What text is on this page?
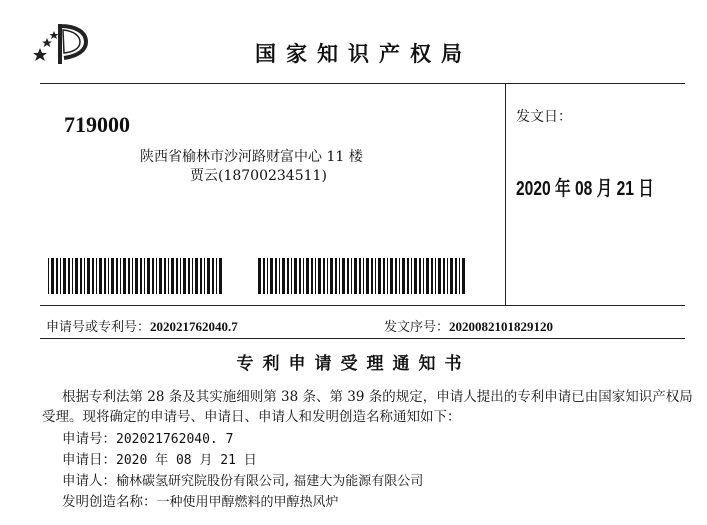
国家知识产权局
719000
陕西省榆林市沙河路财富中心 11 楼
贾云(18700234511)
发文日：
2020 年 08 月 21 日
申请号或专利号：202021762040.7	发文序号：2020082101829120
专利申请受理通知书
根据专利法第 28 条及其实施细则第 38 条、第 39 条的规定，申请人提出的专利申请已由国家知识产权局
受理。现将确定的申请号、申请日、申请人和发明创造名称通知如下：
申请号：202021762040. 7
申请日：2020 年 08 月 21 日
申请人：榆林碳氢研究院股份有限公司, 福建大为能源有限公司
发明创造名称：一种使用甲醇燃料的甲醇热风炉
